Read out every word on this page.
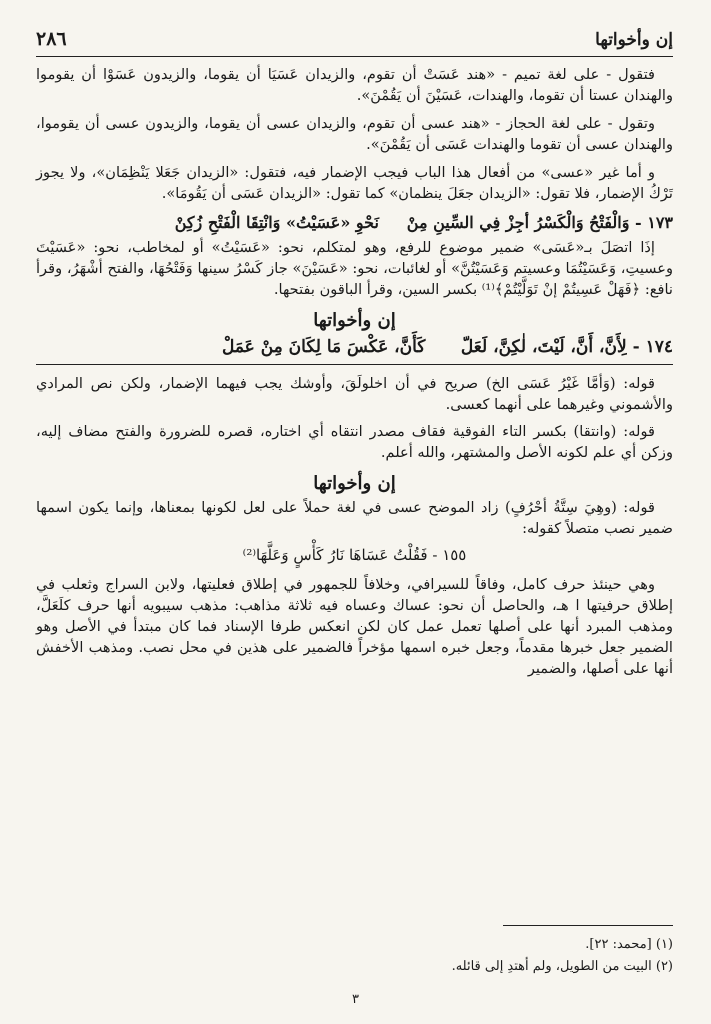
إن وأخواتها
٢٨٦

فتقول - على لغة تميم - «هند عَسَتْ أن تقوم، والزيدان عَسَيَا أن يقوما، والزيدون عَسَوْا أن يقوموا والهندان عستا أن تقوما، والهندات، عَسَيْنَ أن يَقُمْنَ».

وتقول - على لغة الحجاز - «هند عسى أن تقوم، والزيدان عسى أن يقوما، والزيدون عسى أن يقوموا، والهندان عسى أن تقوما والهندات عَسَى أن يَقُمْنَ».

و أما غير «عسى» من أفعال هذا الباب فيجب الإضمار فيه، فتقول: «الزيدان جَعَلا يَنْظِمَان»، ولا يجوز تَرْكُ الإضمار، فلا تقول: «الزيدان جعَلَ ينظمان» كما تقول: «الزيدان عَسَى أن يَقُومَا».

١٧٣ - وَالْفَتْحُ وَالْكَسْرُ أجِزْ فِي السِّينِ مِنْ     نَحْوِ «عَسَيْتُ» وَانْتِقَا الْفَتْحِ زُكِنْ

إذَا اتصَلَ بـ«عَسَى» ضمير موضوع للرفع، وهو لمتكلم، نحو: «عَسَيْتُ» أو لمخاطب، نحو: «عَسَيْتَ وعسيتِ، وَعَسَيْتُمَا وعسيتم وَعَسَيْتُنَّ» أو لغائبات، نحو: «عَسَيْنَ» جاز كَسْرُ سينها وَفَتْحُهَا، والفتح أشْهَرُ، وقرأ نافع: ﴿فَهَلْ عَسِيتُمْ إنْ تَوَلَّيْتُمْ﴾⁽¹⁾ بكسر السين، وقرأ الباقون بفتحها.

إن وأخواتها
١٧٤ - لِأَنَّ، أَنَّ، لَيْتَ، لٰكِنَّ، لَعَلّ      كَأَنَّ، عَكْسَ مَا لِكَانَ مِنْ عَمَلْ

قوله: (وَأمَّا غَيْرُ عَسَى الخ) صريح في أن اخلولَقَ، وأوشك يجب فيهما الإضمار، ولكن نص المرادي والأشموني وغيرهما على أنهما كعسى.

قوله: (وانتقا) بكسر التاء الفوقية فقاف مصدر انتقاه أي اختاره، قصره للضرورة والفتح مضاف إليه، وزكن أي علم لكونه الأصل والمشتهر، والله أعلم.

إن وأخواتها

قوله: (وهِيَ سِتَّةُ أحْرُفٍ) زاد الموضح عسى في لغة حملاً على لعل لكونها بمعناها، وإنما يكون اسمها ضمير نصب متصلاً كقوله:

١٥٥ - فَقُلْتُ عَسَاهَا نَارُ كَأْسٍ وَعَلَّهَا⁽²⁾

وهي حينئذ حرف كامل، وفاقاً للسيرافي، وخلافاً للجمهور في إطلاق فعليتها، ولابن السراج وثعلب في إطلاق حرفيتها ا هـ، والحاصل أن نحو: عساك وعساه فيه ثلاثة مذاهب: مذهب سيبويه أنها حرف كلَعَلَّ، ومذهب المبرد أنها على أصلها تعمل عمل كان لكن انعكس طرفا الإسناد فما كان مبتدأ في الأصل وهو الضمير جعل خبرها مقدماً، وجعل خبره اسمها مؤخراً فالضمير على هذين في محل نصب. ومذهب الأخفش أنها على أصلها، والضمير

(١) [محمد: ٢٢].
(٢) البيت من الطويل، ولم أهتدِ إلى قائله.
٣
